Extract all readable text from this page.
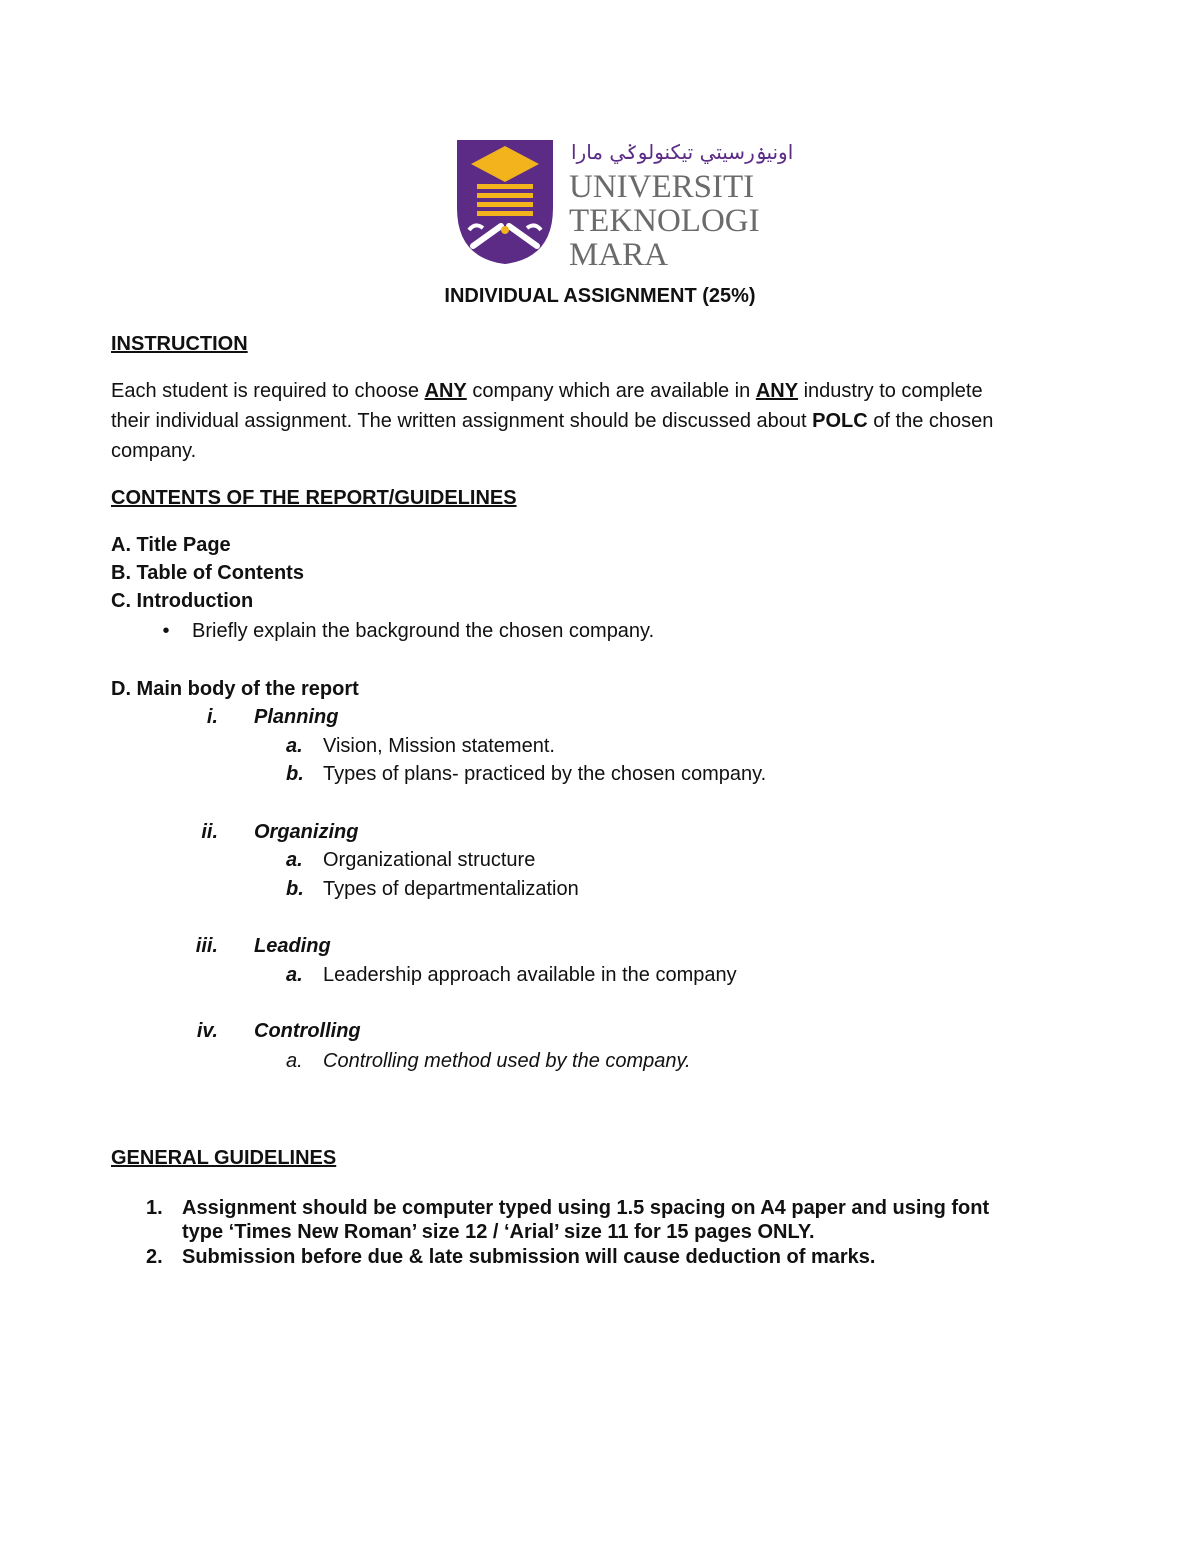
اونيۏرسيتي تيكنولوݢي مارا
UNIVERSITI
TEKNOLOGI
MARA
INDIVIDUAL ASSIGNMENT (25%)
INSTRUCTION
Each student is required to choose ANY company which are available in ANY industry to complete
their individual assignment. The written assignment should be discussed about POLC of the chosen
company.
CONTENTS OF THE REPORT/GUIDELINES
A. Title Page
B. Table of Contents
C. Introduction
• Briefly explain the background the chosen company.
D. Main body of the report
i. Planning
a. Vision, Mission statement.
b. Types of plans- practiced by the chosen company.
ii. Organizing
a. Organizational structure
b. Types of departmentalization
iii. Leading
a. Leadership approach available in the company
iv. Controlling
a. Controlling method used by the company.
GENERAL GUIDELINES
1. Assignment should be computer typed using 1.5 spacing on A4 paper and using font
type ‘Times New Roman’ size 12 / ‘Arial’ size 11 for 15 pages ONLY.
2. Submission before due & late submission will cause deduction of marks.
